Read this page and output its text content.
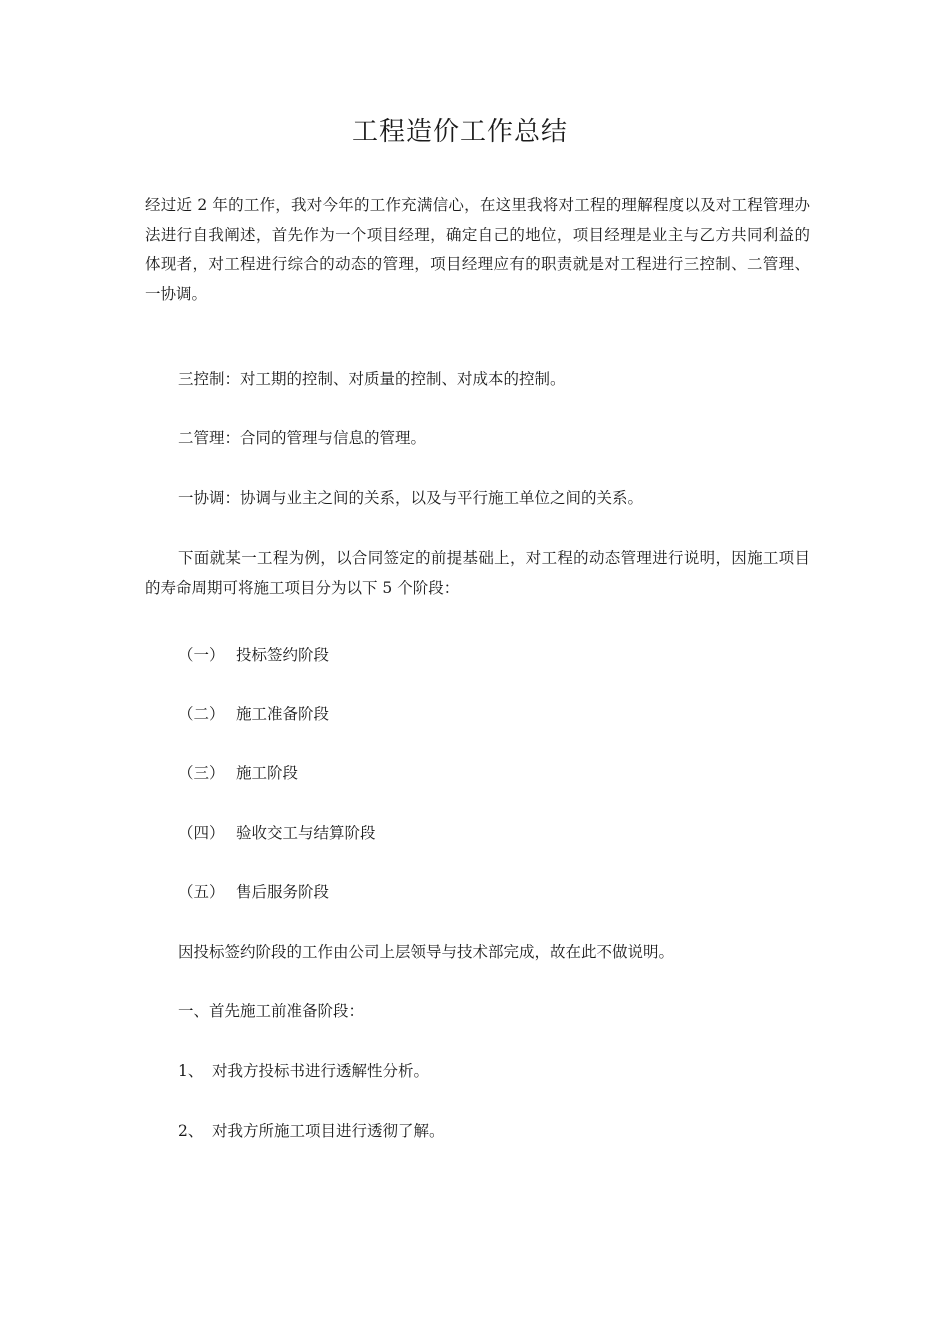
工程造价工作总结

经过近 2 年的工作，我对今年的工作充满信心，在这里我将对工程的理解程度以及对工程管理办法进行自我阐述，首先作为一个项目经理，确定自己的地位，项目经理是业主与乙方共同利益的体现者，对工程进行综合的动态的管理，项目经理应有的职责就是对工程进行三控制、二管理、一协调。

三控制：对工期的控制、对质量的控制、对成本的控制。

二管理：合同的管理与信息的管理。

一协调：协调与业主之间的关系，以及与平行施工单位之间的关系。

下面就某一工程为例，以合同签定的前提基础上，对工程的动态管理进行说明，因施工项目的寿命周期可将施工项目分为以下 5 个阶段：

（一） 投标签约阶段
（二） 施工准备阶段
（三） 施工阶段
（四） 验收交工与结算阶段
（五） 售后服务阶段

因投标签约阶段的工作由公司上层领导与技术部完成，故在此不做说明。

一、首先施工前准备阶段：

1、 对我方投标书进行透解性分析。
2、 对我方所施工项目进行透彻了解。
